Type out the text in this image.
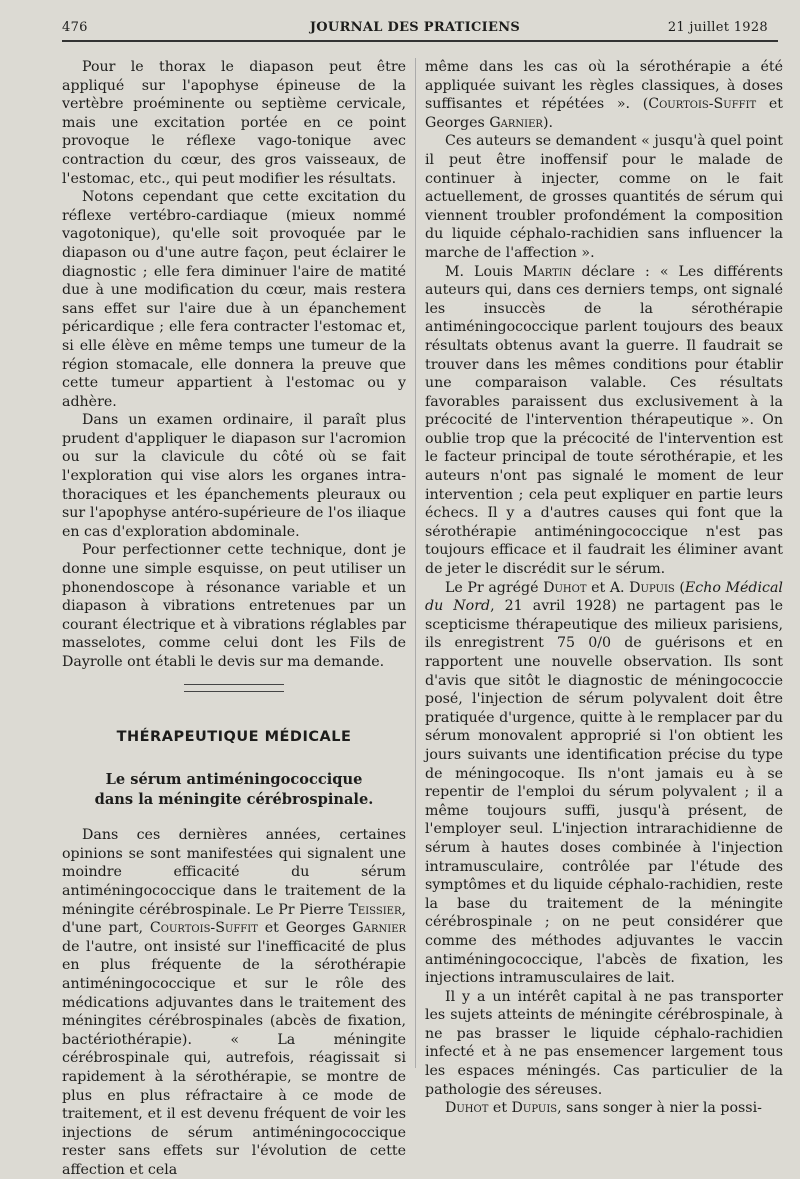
476	JOURNAL DES PRATICIENS	21 juillet 1928

Pour le thorax le diapason peut être appliqué sur l'apophyse épineuse de la vertèbre proéminente ou septième cervicale, mais une excitation portée en ce point provoque le réflexe vago-tonique avec contraction du cœur, des gros vaisseaux, de l'estomac, etc., qui peut modifier les résultats.

Notons cependant que cette excitation du réflexe vertébro-cardiaque (mieux nommé vagotonique), qu'elle soit provoquée par le diapason ou d'une autre façon, peut éclairer le diagnostic ; elle fera diminuer l'aire de matité due à une modification du cœur, mais restera sans effet sur l'aire due à un épanchement péricardique ; elle fera contracter l'estomac et, si elle élève en même temps une tumeur de la région stomacale, elle donnera la preuve que cette tumeur appartient à l'estomac ou y adhère.

Dans un examen ordinaire, il paraît plus prudent d'appliquer le diapason sur l'acromion ou sur la clavicule du côté où se fait l'exploration qui vise alors les organes intra-thoraciques et les épanchements pleuraux ou sur l'apophyse antéro-supérieure de l'os iliaque en cas d'exploration abdominale.

Pour perfectionner cette technique, dont je donne une simple esquisse, on peut utiliser un phonendoscope à résonance variable et un diapason à vibrations entretenues par un courant électrique et à vibrations réglables par masselotes, comme celui dont les Fils de Dayrolle ont établi le devis sur ma demande.

THÉRAPEUTIQUE MÉDICALE
Le sérum antiméningococcique
dans la méningite cérébrospinale.

Dans ces dernières années, certaines opinions se sont manifestées qui signalent une moindre efficacité du sérum antiméningococcique dans le traitement de la méningite cérébrospinale. Le Pr Pierre Teissier, d'une part, Courtois-Suffit et Georges Garnier de l'autre, ont insisté sur l'inefficacité de plus en plus fréquente de la sérothérapie antiméningococcique et sur le rôle des médications adjuvantes dans le traitement des méningites cérébrospinales (abcès de fixation, bactériothérapie). « La méningite cérébrospinale qui, autrefois, réagissait si rapidement à la sérothérapie, se montre de plus en plus réfractaire à ce mode de traitement, et il est devenu fréquent de voir les injections de sérum antiméningococcique rester sans effets sur l'évolution de cette affection et cela

même dans les cas où la sérothérapie a été appliquée suivant les règles classiques, à doses suffisantes et répétées ». (Courtois-Suffit et Georges Garnier).

Ces auteurs se demandent « jusqu'à quel point il peut être inoffensif pour le malade de continuer à injecter, comme on le fait actuellement, de grosses quantités de sérum qui viennent troubler profondément la composition du liquide céphalo-rachidien sans influencer la marche de l'affection ».

M. Louis Martin déclare : « Les différents auteurs qui, dans ces derniers temps, ont signalé les insuccès de la sérothérapie antiméningococcique parlent toujours des beaux résultats obtenus avant la guerre. Il faudrait se trouver dans les mêmes conditions pour établir une comparaison valable. Ces résultats favorables paraissent dus exclusivement à la précocité de l'intervention thérapeutique ». On oublie trop que la précocité de l'intervention est le facteur principal de toute sérothérapie, et les auteurs n'ont pas signalé le moment de leur intervention ; cela peut expliquer en partie leurs échecs. Il y a d'autres causes qui font que la sérothérapie antiméningococcique n'est pas toujours efficace et il faudrait les éliminer avant de jeter le discrédit sur le sérum.

Le Pr agrégé Duhot et A. Dupuis (Echo Médical du Nord, 21 avril 1928) ne partagent pas le scepticisme thérapeutique des milieux parisiens, ils enregistrent 75 0/0 de guérisons et en rapportent une nouvelle observation. Ils sont d'avis que sitôt le diagnostic de méningococcie posé, l'injection de sérum polyvalent doit être pratiquée d'urgence, quitte à le remplacer par du sérum monovalent approprié si l'on obtient les jours suivants une identification précise du type de méningocoque. Ils n'ont jamais eu à se repentir de l'emploi du sérum polyvalent ; il a même toujours suffi, jusqu'à présent, de l'employer seul. L'injection intrarachidienne de sérum à hautes doses combinée à l'injection intramusculaire, contrôlée par l'étude des symptômes et du liquide céphalo-rachidien, reste la base du traitement de la méningite cérébrospinale ; on ne peut considérer que comme des méthodes adjuvantes le vaccin antiméningococcique, l'abcès de fixation, les injections intramusculaires de lait.

Il y a un intérêt capital à ne pas transporter les sujets atteints de méningite cérébrospinale, à ne pas brasser le liquide céphalo-rachidien infecté et à ne pas ensemencer largement tous les espaces méningés. Cas particulier de la pathologie des séreuses.

Duhot et Dupuis, sans songer à nier la possi-
